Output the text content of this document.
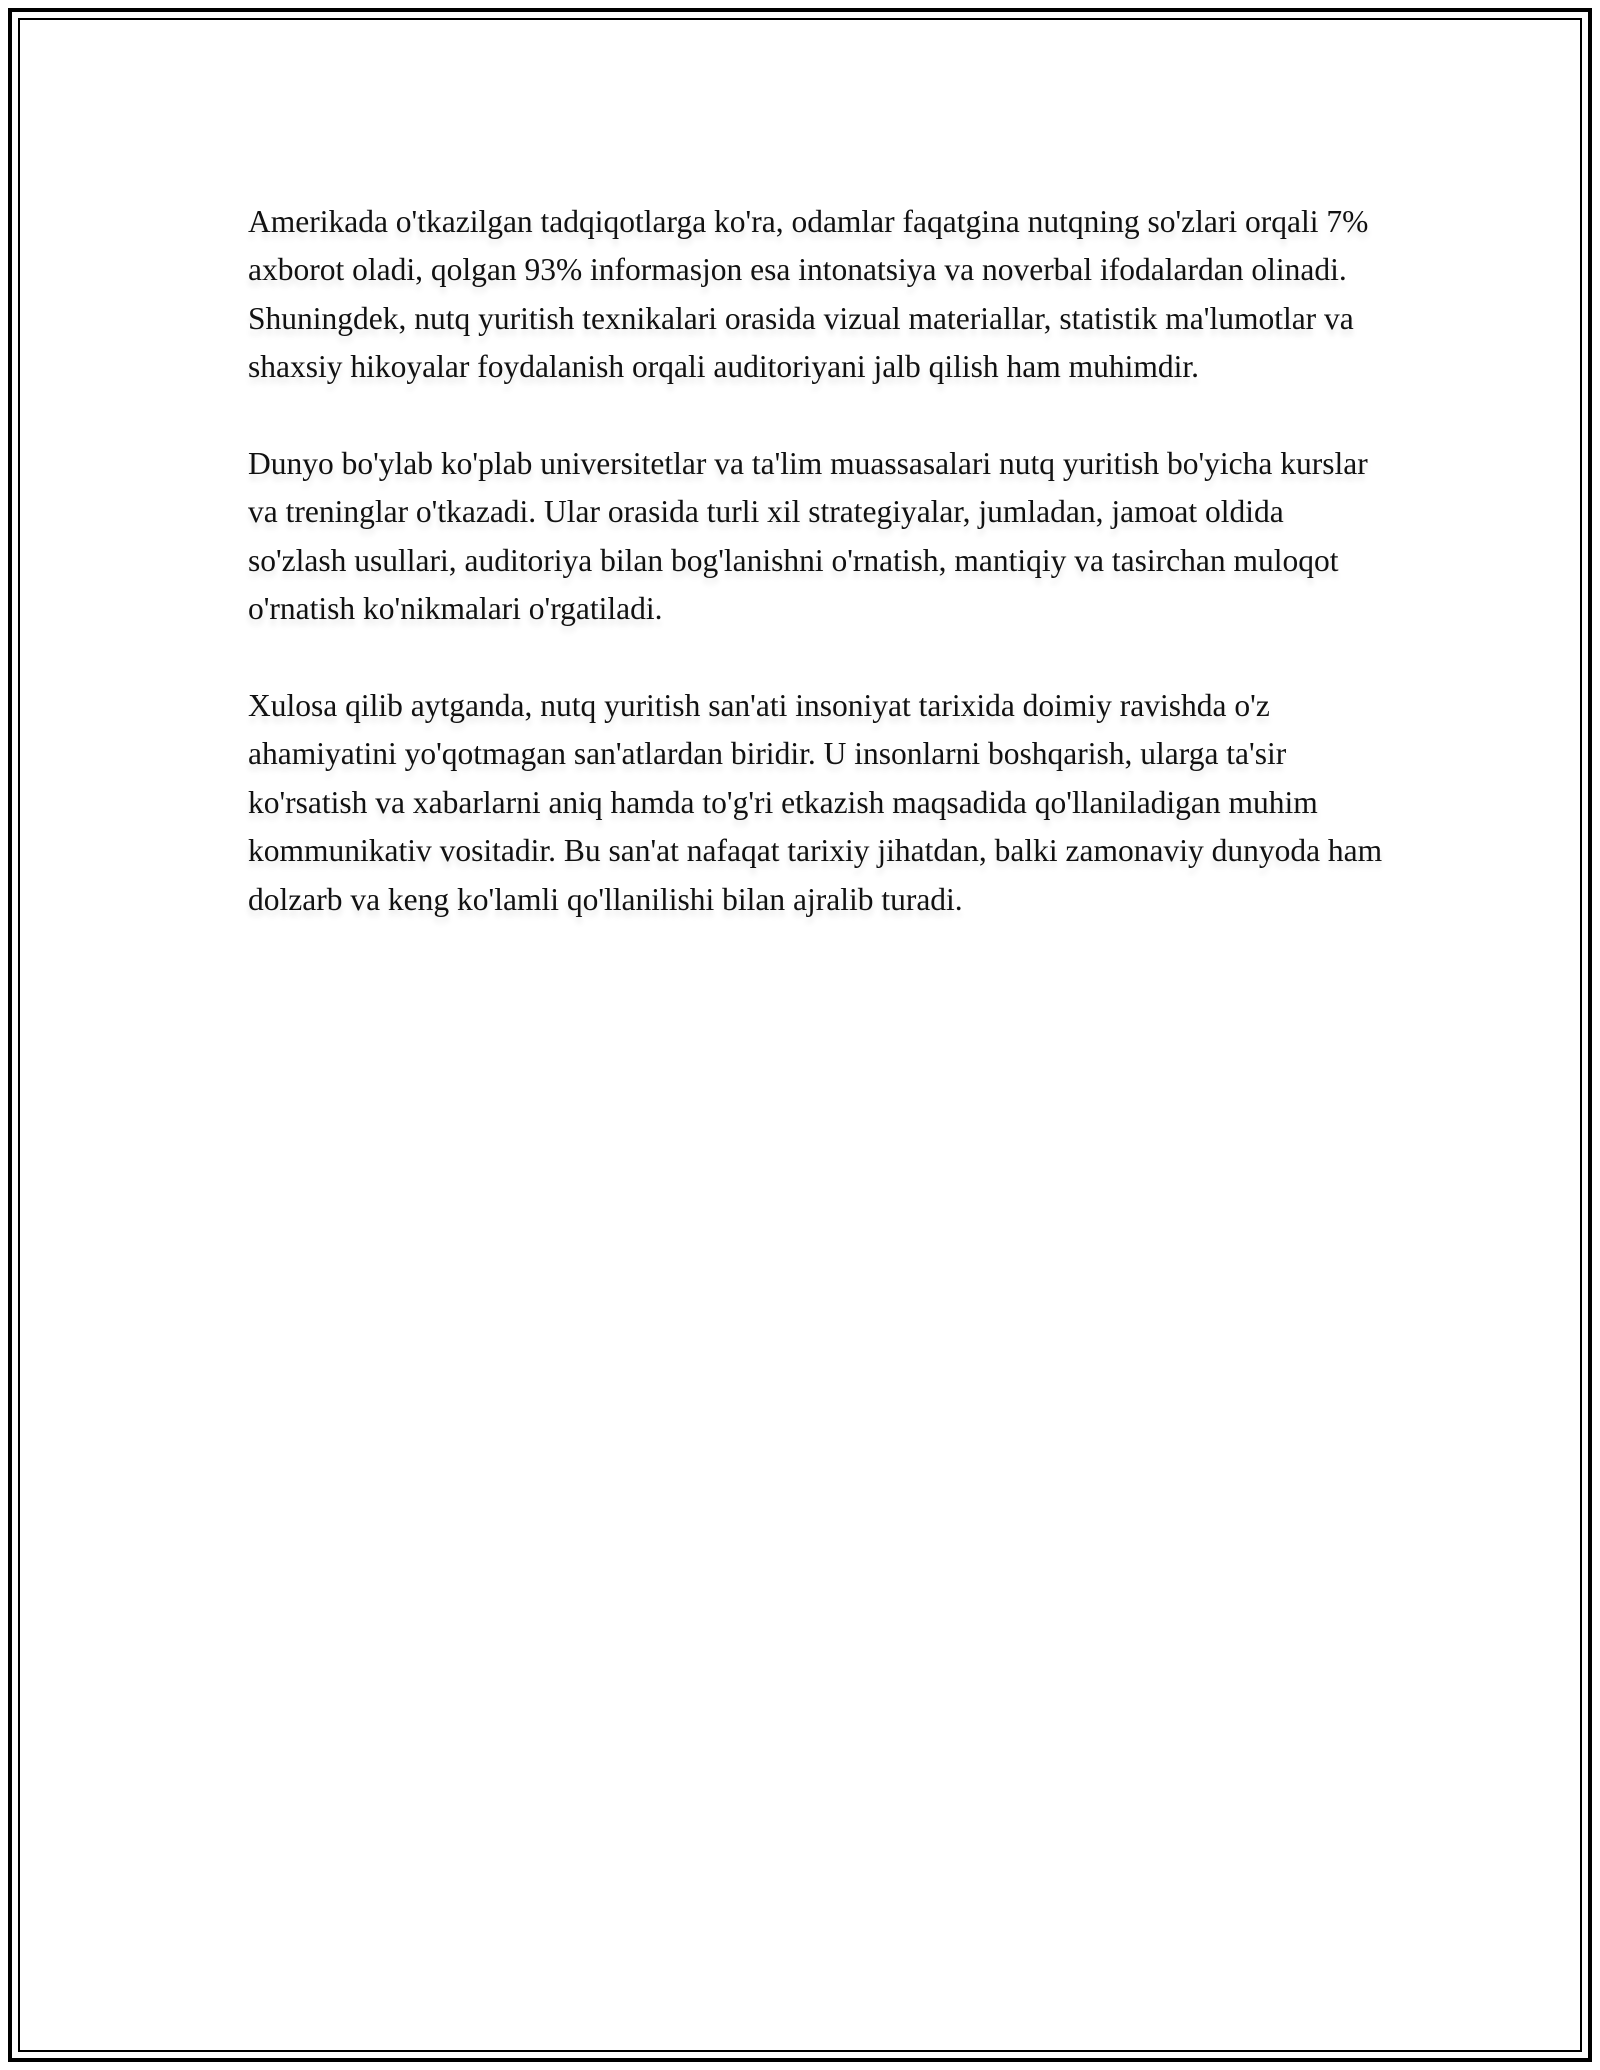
Amerikada o'tkazilgan tadqiqotlarga ko'ra, odamlar faqatgina nutqning so'zlari orqali 7% axborot oladi, qolgan 93% informasjon esa intonatsiya va noverbal ifodalardan olinadi. Shuningdek, nutq yuritish texnikalari orasida vizual materiallar, statistik ma'lumotlar va shaxsiy hikoyalar foydalanish orqali auditoriyani jalb qilish ham muhimdir.

Dunyo bo'ylab ko'plab universitetlar va ta'lim muassasalari nutq yuritish bo'yicha kurslar va treninglar o'tkazadi. Ular orasida turli xil strategiyalar, jumladan, jamoat oldida so'zlash usullari, auditoriya bilan bog'lanishni o'rnatish, mantiqiy va tasirchan muloqot o'rnatish ko'nikmalari o'rgatiladi.

Xulosa qilib aytganda, nutq yuritish san'ati insoniyat tarixida doimiy ravishda o'z ahamiyatini yo'qotmagan san'atlardan biridir. U insonlarni boshqarish, ularga ta'sir ko'rsatish va xabarlarni aniq hamda to'g'ri etkazish maqsadida qo'llaniladigan muhim kommunikativ vositadir. Bu san'at nafaqat tarixiy jihatdan, balki zamonaviy dunyoda ham dolzarb va keng ko'lamli qo'llanilishi bilan ajralib turadi.
